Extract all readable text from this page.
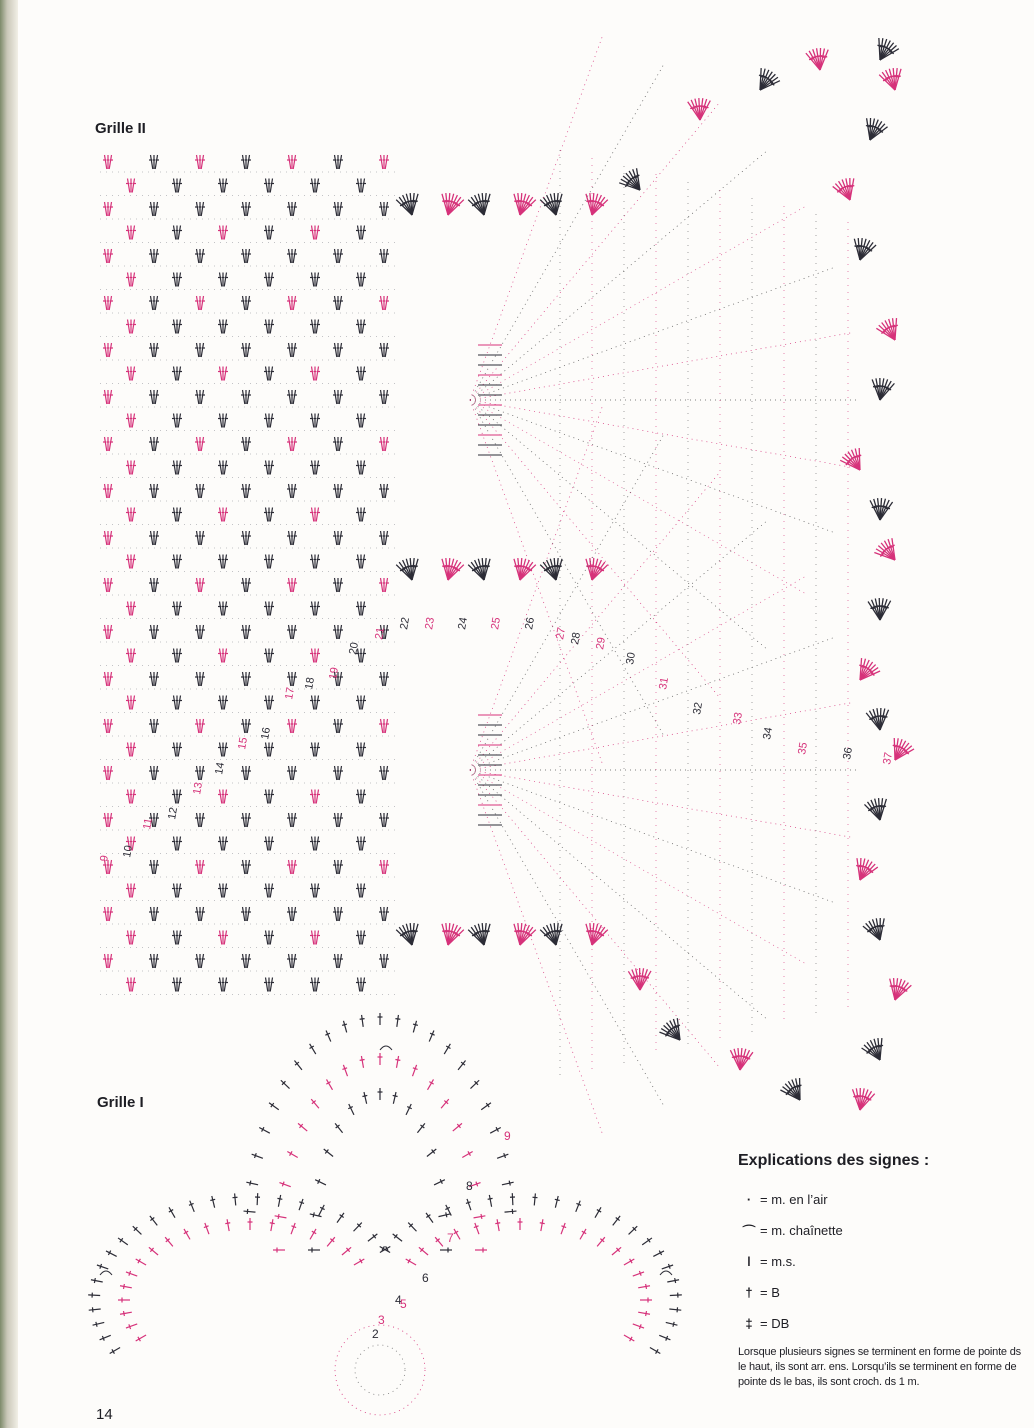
9 10
11
12
13
14
15
16
17
18
19
20
21
22 23 24 25 26
27 28 29
30
31
32
33
34
35	36 37
2
3
4
5
6
7
8
9
Grille II
Grille I
Explications des signes :
· = m. en l’air
⌒ = m. chaînette
ǀ = m.s.
† = B
‡ = DB
Lorsque plusieurs signes se terminent en forme de pointe ds le haut, ils sont arr. ens. Lorsqu’ils se terminent en forme de pointe ds le bas, ils sont croch. ds 1 m.
14
